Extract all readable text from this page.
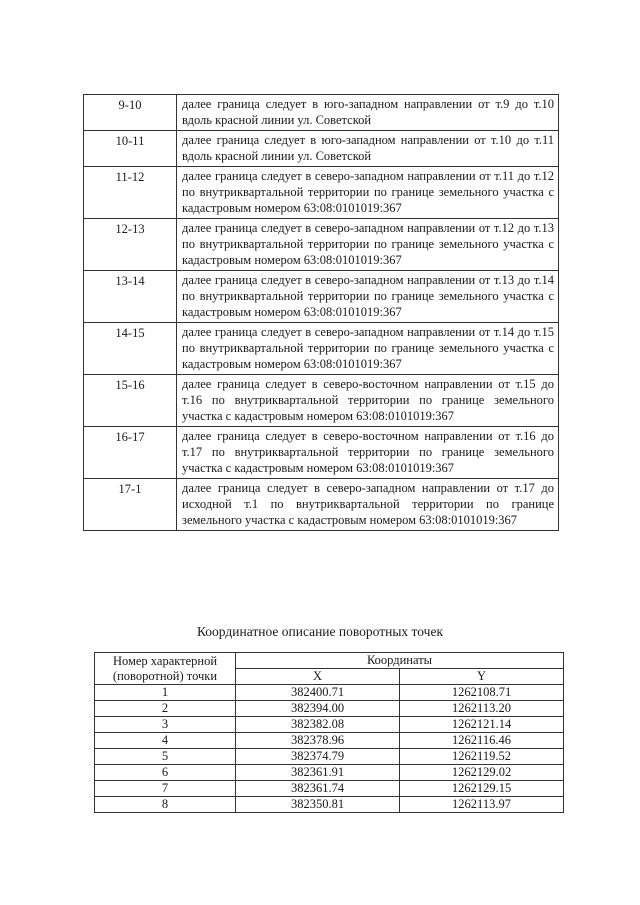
9-10	далее граница следует в юго-западном направлении от т.9 до т.10 вдоль красной линии ул. Советской
10-11	далее граница следует в юго-западном направлении от т.10 до т.11 вдоль красной линии ул. Советской
11-12	далее граница следует в северо-западном направлении от т.11 до т.12 по внутриквартальной территории по границе земельного участка с кадастровым номером 63:08:0101019:367
12-13	далее граница следует в северо-западном направлении от т.12 до т.13 по внутриквартальной территории по границе земельного участка с кадастровым номером 63:08:0101019:367
13-14	далее граница следует в северо-западном направлении от т.13 до т.14 по внутриквартальной территории по границе земельного участка с кадастровым номером 63:08:0101019:367
14-15	далее граница следует в северо-западном направлении от т.14 до т.15 по внутриквартальной территории по границе земельного участка с кадастровым номером 63:08:0101019:367
15-16	далее граница следует в северо-восточном направлении от т.15 до т.16 по внутриквартальной территории по границе земельного участка с кадастровым номером 63:08:0101019:367
16-17	далее граница следует в северо-восточном направлении от т.16 до т.17 по внутриквартальной территории по границе земельного участка с кадастровым номером 63:08:0101019:367
17-1	далее граница следует в северо-западном направлении от т.17 до исходной т.1 по внутриквартальной территории по границе земельного участка с кадастровым номером 63:08:0101019:367
Координатное описание поворотных точек
Номер характерной
(поворотной) точки	Координаты	
	X	Y
1	382400.71	1262108.71
2	382394.00	1262113.20
3	382382.08	1262121.14
4	382378.96	1262116.46
5	382374.79	1262119.52
6	382361.91	1262129.02
7	382361.74	1262129.15
8	382350.81	1262113.97
